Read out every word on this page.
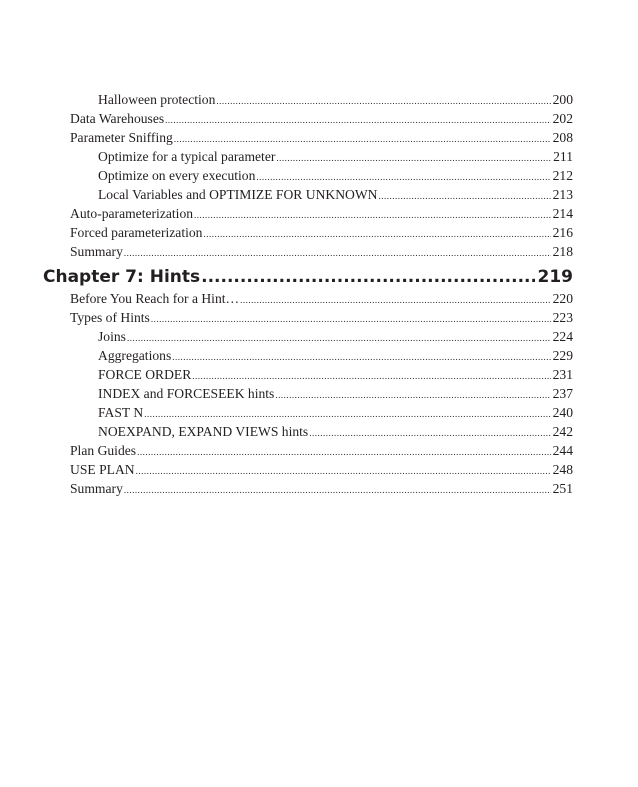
Halloween protection .....	200
Data Warehouses .....	202
Parameter Sniffing .....	208
Optimize for a typical parameter .....	211
Optimize on every execution .....	212
Local Variables and OPTIMIZE FOR UNKNOWN .....	213
Auto-parameterization .....	214
Forced parameterization .....	216
Summary .....	218
Chapter 7: Hints .....	219
Before You Reach for a Hint… .....	220
Types of Hints .....	223
Joins .....	224
Aggregations .....	229
FORCE ORDER .....	231
INDEX and FORCESEEK hints .....	237
FAST N .....	240
NOEXPAND, EXPAND VIEWS hints .....	242
Plan Guides .....	244
USE PLAN .....	248
Summary .....	251
